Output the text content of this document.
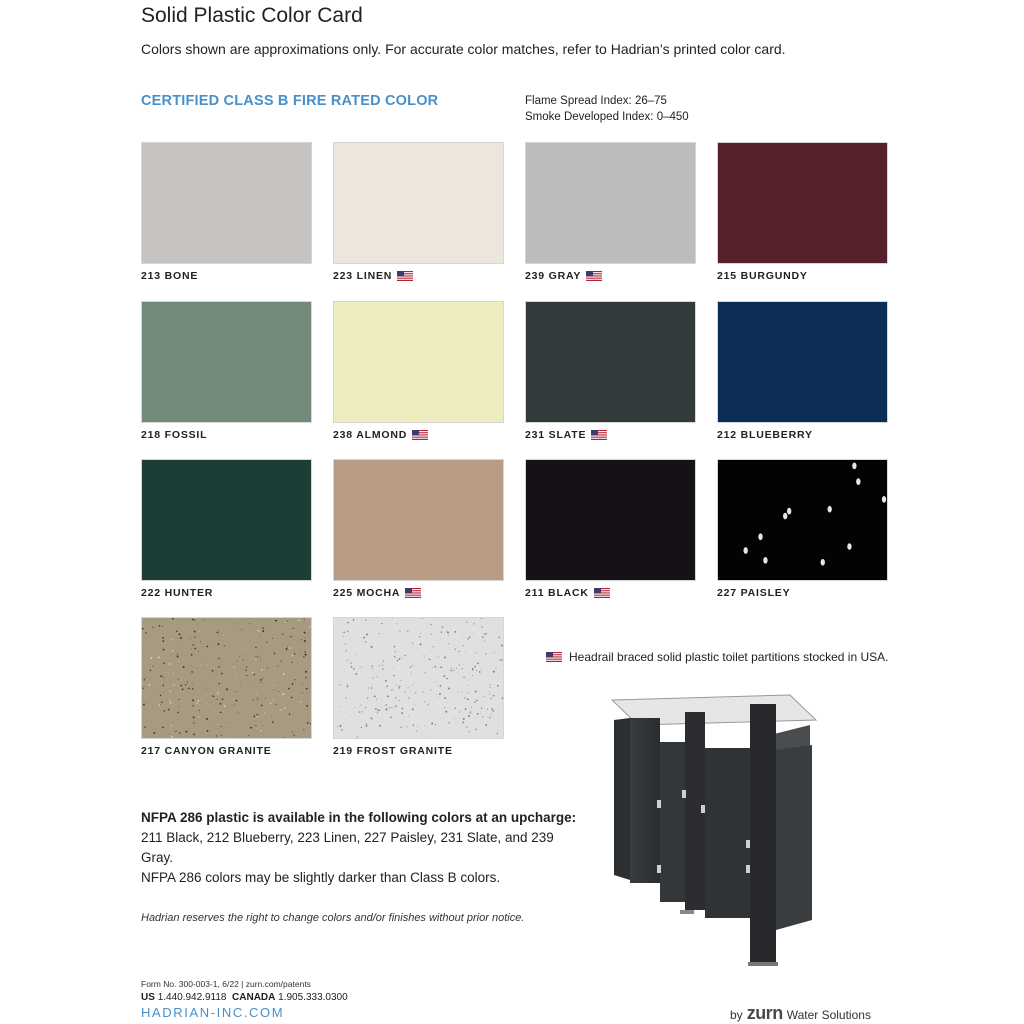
Solid Plastic Color Card
Colors shown are approximations only. For accurate color matches, refer to Hadrian’s printed color card.
CERTIFIED CLASS B FIRE RATED COLOR	Flame Spread Index: 26–75
Smoke Developed Index: 0–450
213 BONE	223 LINEN	239 GRAY	215 BURGUNDY
218 FOSSIL	238 ALMOND	231 SLATE	212 BLUEBERRY
222 HUNTER	225 MOCHA	211 BLACK	227 PAISLEY
217 CANYON GRANITE	219 FROST GRANITE
Headrail braced solid plastic toilet partitions stocked in USA.
NFPA 286 plastic is available in the following colors at an upcharge:
211 Black, 212 Blueberry, 223 Linen, 227 Paisley, 231 Slate, and 239 Gray.
NFPA 286 colors may be slightly darker than Class B colors.
Hadrian reserves the right to change colors and/or finishes without prior notice.
Form No. 300-003-1, 6/22 | zurn.com/patents
US 1.440.942.9118 CANADA 1.905.333.0300
HADRIAN-INC.COM	by zurn Water Solutions
